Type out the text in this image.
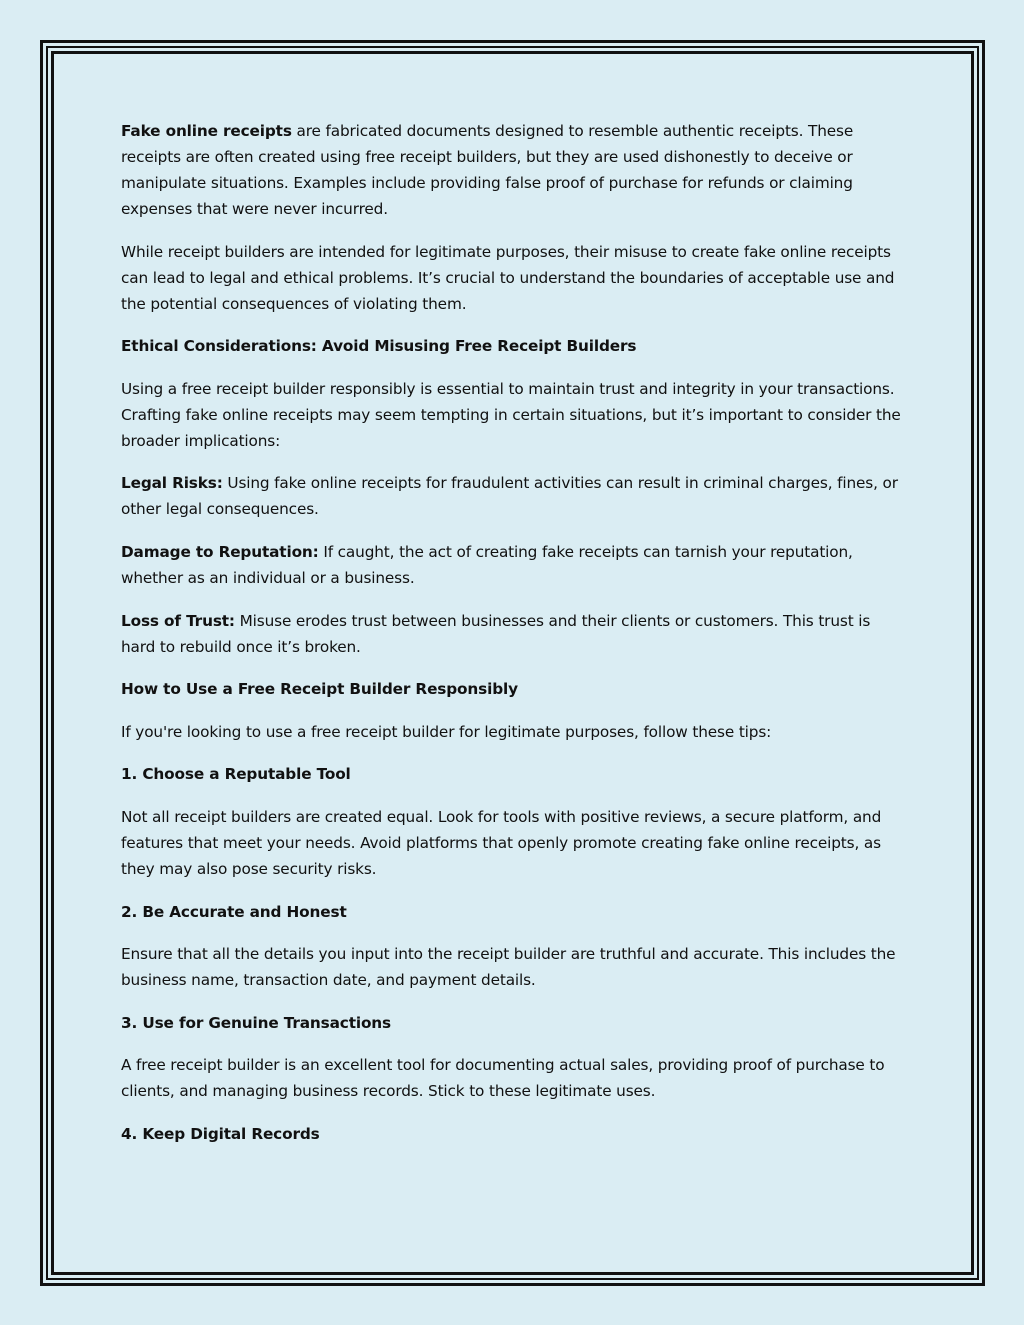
Fake online receipts are fabricated documents designed to resemble authentic receipts. These receipts are often created using free receipt builders, but they are used dishonestly to deceive or manipulate situations. Examples include providing false proof of purchase for refunds or claiming expenses that were never incurred.

While receipt builders are intended for legitimate purposes, their misuse to create fake online receipts can lead to legal and ethical problems. It’s crucial to understand the boundaries of acceptable use and the potential consequences of violating them.

Ethical Considerations: Avoid Misusing Free Receipt Builders

Using a free receipt builder responsibly is essential to maintain trust and integrity in your transactions. Crafting fake online receipts may seem tempting in certain situations, but it’s important to consider the broader implications:

Legal Risks: Using fake online receipts for fraudulent activities can result in criminal charges, fines, or other legal consequences.

Damage to Reputation: If caught, the act of creating fake receipts can tarnish your reputation, whether as an individual or a business.

Loss of Trust: Misuse erodes trust between businesses and their clients or customers. This trust is hard to rebuild once it’s broken.

How to Use a Free Receipt Builder Responsibly

If you're looking to use a free receipt builder for legitimate purposes, follow these tips:

1. Choose a Reputable Tool

Not all receipt builders are created equal. Look for tools with positive reviews, a secure platform, and features that meet your needs. Avoid platforms that openly promote creating fake online receipts, as they may also pose security risks.

2. Be Accurate and Honest

Ensure that all the details you input into the receipt builder are truthful and accurate. This includes the business name, transaction date, and payment details.

3. Use for Genuine Transactions

A free receipt builder is an excellent tool for documenting actual sales, providing proof of purchase to clients, and managing business records. Stick to these legitimate uses.

4. Keep Digital Records
